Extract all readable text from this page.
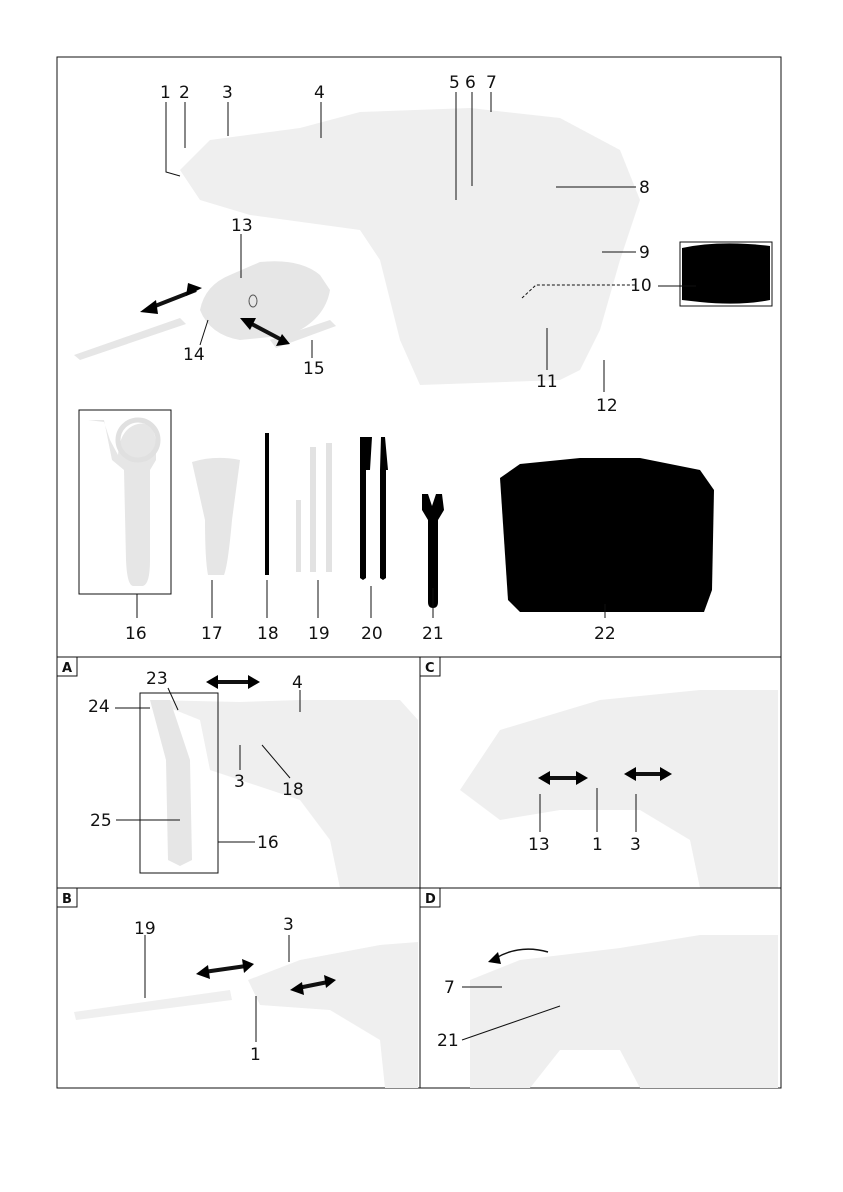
1 2 3	4	5 6 7
8
9
10
11
12
13
14
15
16	17 18 19 20 21	22
A
23
24
4
3 18
25
16
C
13 1 3
B
19	3
1
D
7
21
